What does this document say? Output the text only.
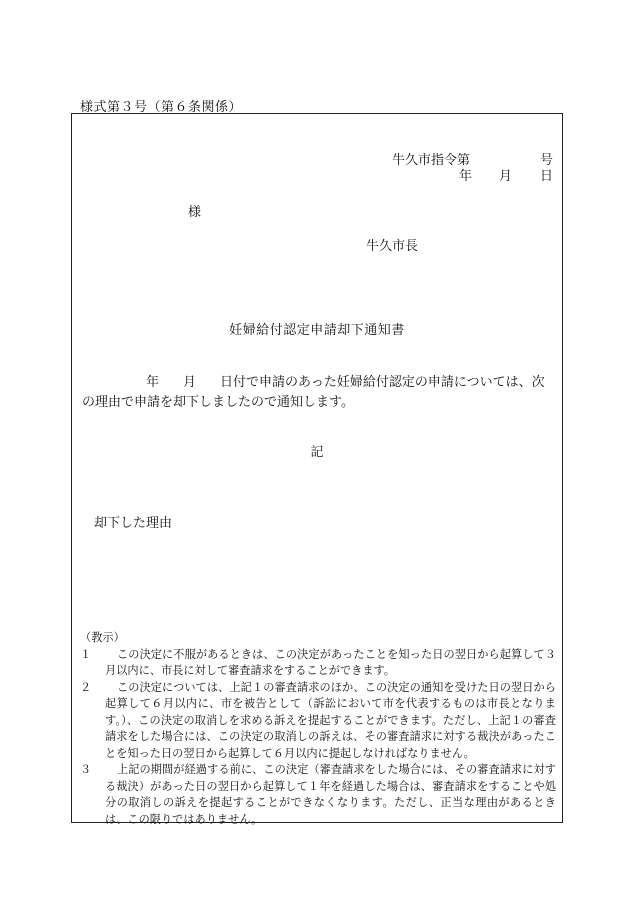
様式第３号（第６条関係）
牛久市指令第	号
年 月 日
様
牛久市長
妊婦給付認定申請却下通知書
年 月 日付で申請のあった妊婦給付認定の申請については、次の理由で申請を却下しましたので通知します。
記
却下した理由
（教示）
１	この決定に不服があるときは、この決定があったことを知った日の翌日から起算して３月以内に、市長に対して審査請求をすることができます。
２	この決定については、上記１の審査請求のほか、この決定の通知を受けた日の翌日から起算して６月以内に、市を被告として（訴訟において市を代表するものは市長となります。）、この決定の取消しを求める訴えを提起することができます。ただし、上記１の審査請求をした場合には、この決定の取消しの訴えは、その審査請求に対する裁決があったことを知った日の翌日から起算して６月以内に提起しなければなりません。
３	上記の期間が経過する前に、この決定（審査請求をした場合には、その審査請求に対する裁決）があった日の翌日から起算して１年を経過した場合は、審査請求をすることや処分の取消しの訴えを提起することができなくなります。ただし、正当な理由があるときは、この限りではありません。
